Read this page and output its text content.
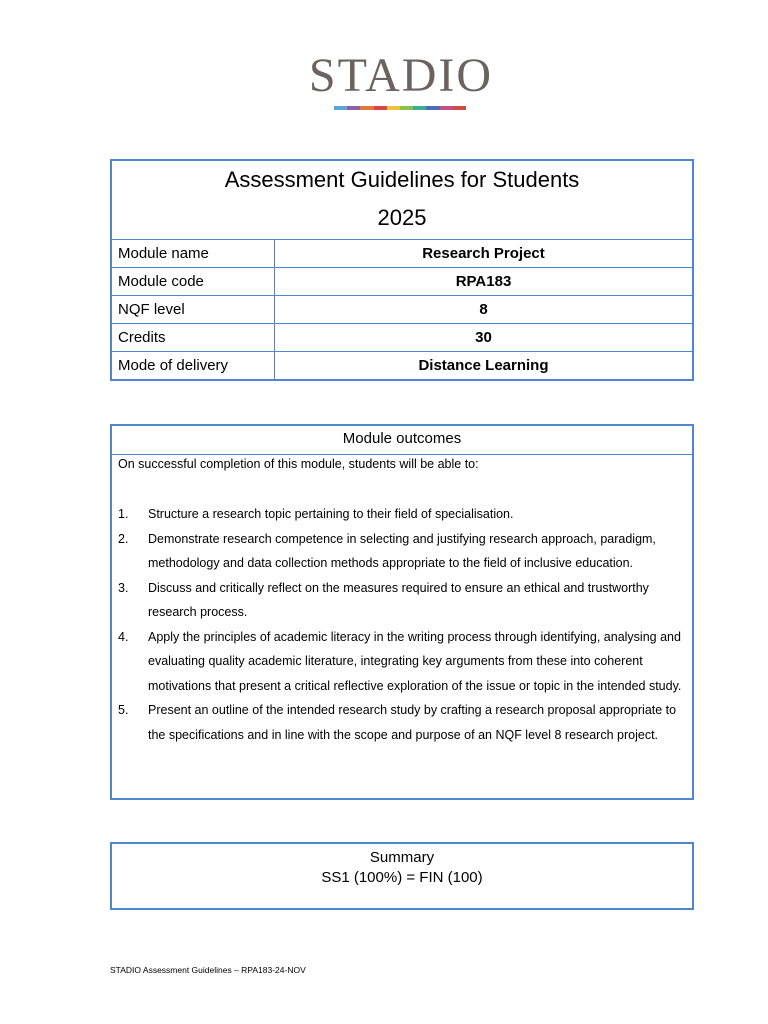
STADIO
Assessment Guidelines for Students
2025
Module name	Research Project
Module code	RPA183
NQF level	8
Credits	30
Mode of delivery	Distance Learning
Module outcomes
On successful completion of this module, students will be able to:
1.	Structure a research topic pertaining to their field of specialisation.
2.	Demonstrate research competence in selecting and justifying research approach, paradigm, methodology and data collection methods appropriate to the field of inclusive education.
3.	Discuss and critically reflect on the measures required to ensure an ethical and trustworthy research process.
4.	Apply the principles of academic literacy in the writing process through identifying, analysing and evaluating quality academic literature, integrating key arguments from these into coherent motivations that present a critical reflective exploration of the issue or topic in the intended study.
5.	Present an outline of the intended research study by crafting a research proposal appropriate to the specifications and in line with the scope and purpose of an NQF level 8 research project.
Summary
SS1 (100%) = FIN (100)
STADIO Assessment Guidelines – RPA183-24-NOV
